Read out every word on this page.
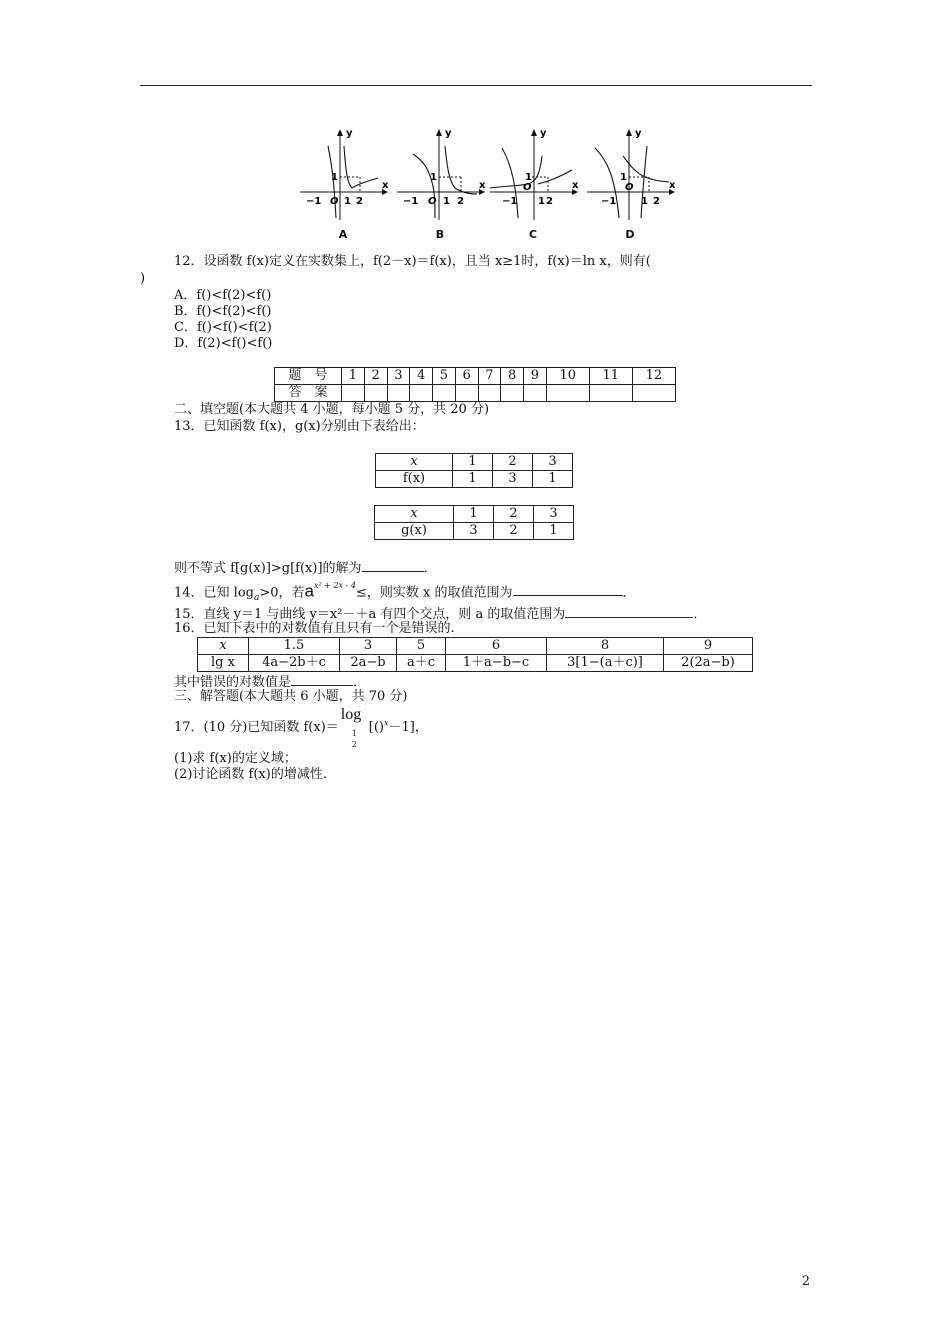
y
x
1
−1 O 1 2
A
y
x
1
−1 O 1 2
B
y
x
1
−1
O
1 2
C
y
x
1
−1
O
1 2
D
12．设函数 f(x)定义在实数集上，f(2－x)＝f(x)，且当 x≥1时，f(x)＝ln x，则有(
)
A．f()<f(2)<f()
B．f()<f(2)<f()
C．f()<f()<f(2)
D．f(2)<f()<f()
题　号	1	2	3	4	5	6	7	8	9	10	11	12
答　案												
二、填空题(本大题共 4 小题，每小题 5 分，共 20 分)
13．已知函数 f(x)，g(x)分别由下表给出：
x	1	2	3
f(x)	1	3	1
x	1	2	3
g(x)	3	2	1
则不等式 f[g(x)]>g[f(x)]的解为	．
14．已知 $\log_a>0$，若$a^{x^2 + 2x - 4}\le$，则实数 x 的取值范围为	．
15．直线 y＝1 与曲线 y＝x²－＋a 有四个交点，则 a 的取值范围为	．
16．已知下表中的对数值有且只有一个是错误的.
x	1.5	3	5	6	8	9
lg x	4a−2b＋c	2a−b	a＋c	1＋a−b−c	3[1−(a＋c)]	2(2a−b)
其中错误的对数值是	．
三、解答题(本大题共 6 小题，共 70 分)
17．(10 分)已知函数 f(x)＝
log
1
2
[()$^x$－1]，
(1)求 f(x)的定义域；
(2)讨论函数 f(x)的增减性.
2
